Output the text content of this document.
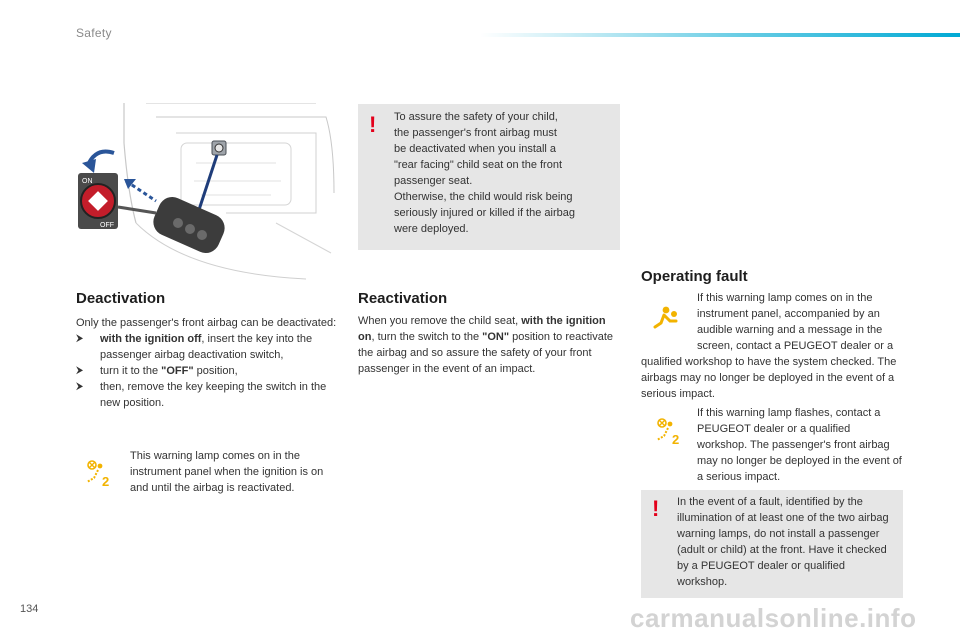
Safety
ON
OFF
! To assure the safety of your child,
the passenger's front airbag must
be deactivated when you install a
"rear facing" child seat on the front
passenger seat.
Otherwise, the child would risk being
seriously injured or killed if the airbag
were deployed.
Deactivation
Only the passenger's front airbag can be deactivated:
⮞ with the ignition off, insert the key into the passenger airbag deactivation switch,
⮞ turn it to the "OFF" position,
⮞ then, remove the key keeping the switch in the new position.
2
This warning lamp comes on in the instrument panel when the ignition is on and until the airbag is reactivated.
Reactivation
When you remove the child seat, with the ignition on, turn the switch to the "ON" position to reactivate the airbag and so assure the safety of your front passenger in the event of an impact.
Operating fault
If this warning lamp comes on in the instrument panel, accompanied by an audible warning and a message in the screen, contact a PEUGEOT dealer or a qualified workshop to have the system checked. The airbags may no longer be deployed in the event of a serious impact.
2
If this warning lamp flashes, contact a PEUGEOT dealer or a qualified workshop. The passenger's front airbag may no longer be deployed in the event of a serious impact.
! In the event of a fault, identified by the illumination of at least one of the two airbag warning lamps, do not install a passenger (adult or child) at the front. Have it checked by a PEUGEOT dealer or qualified workshop.
134	carmanualsonline.info
